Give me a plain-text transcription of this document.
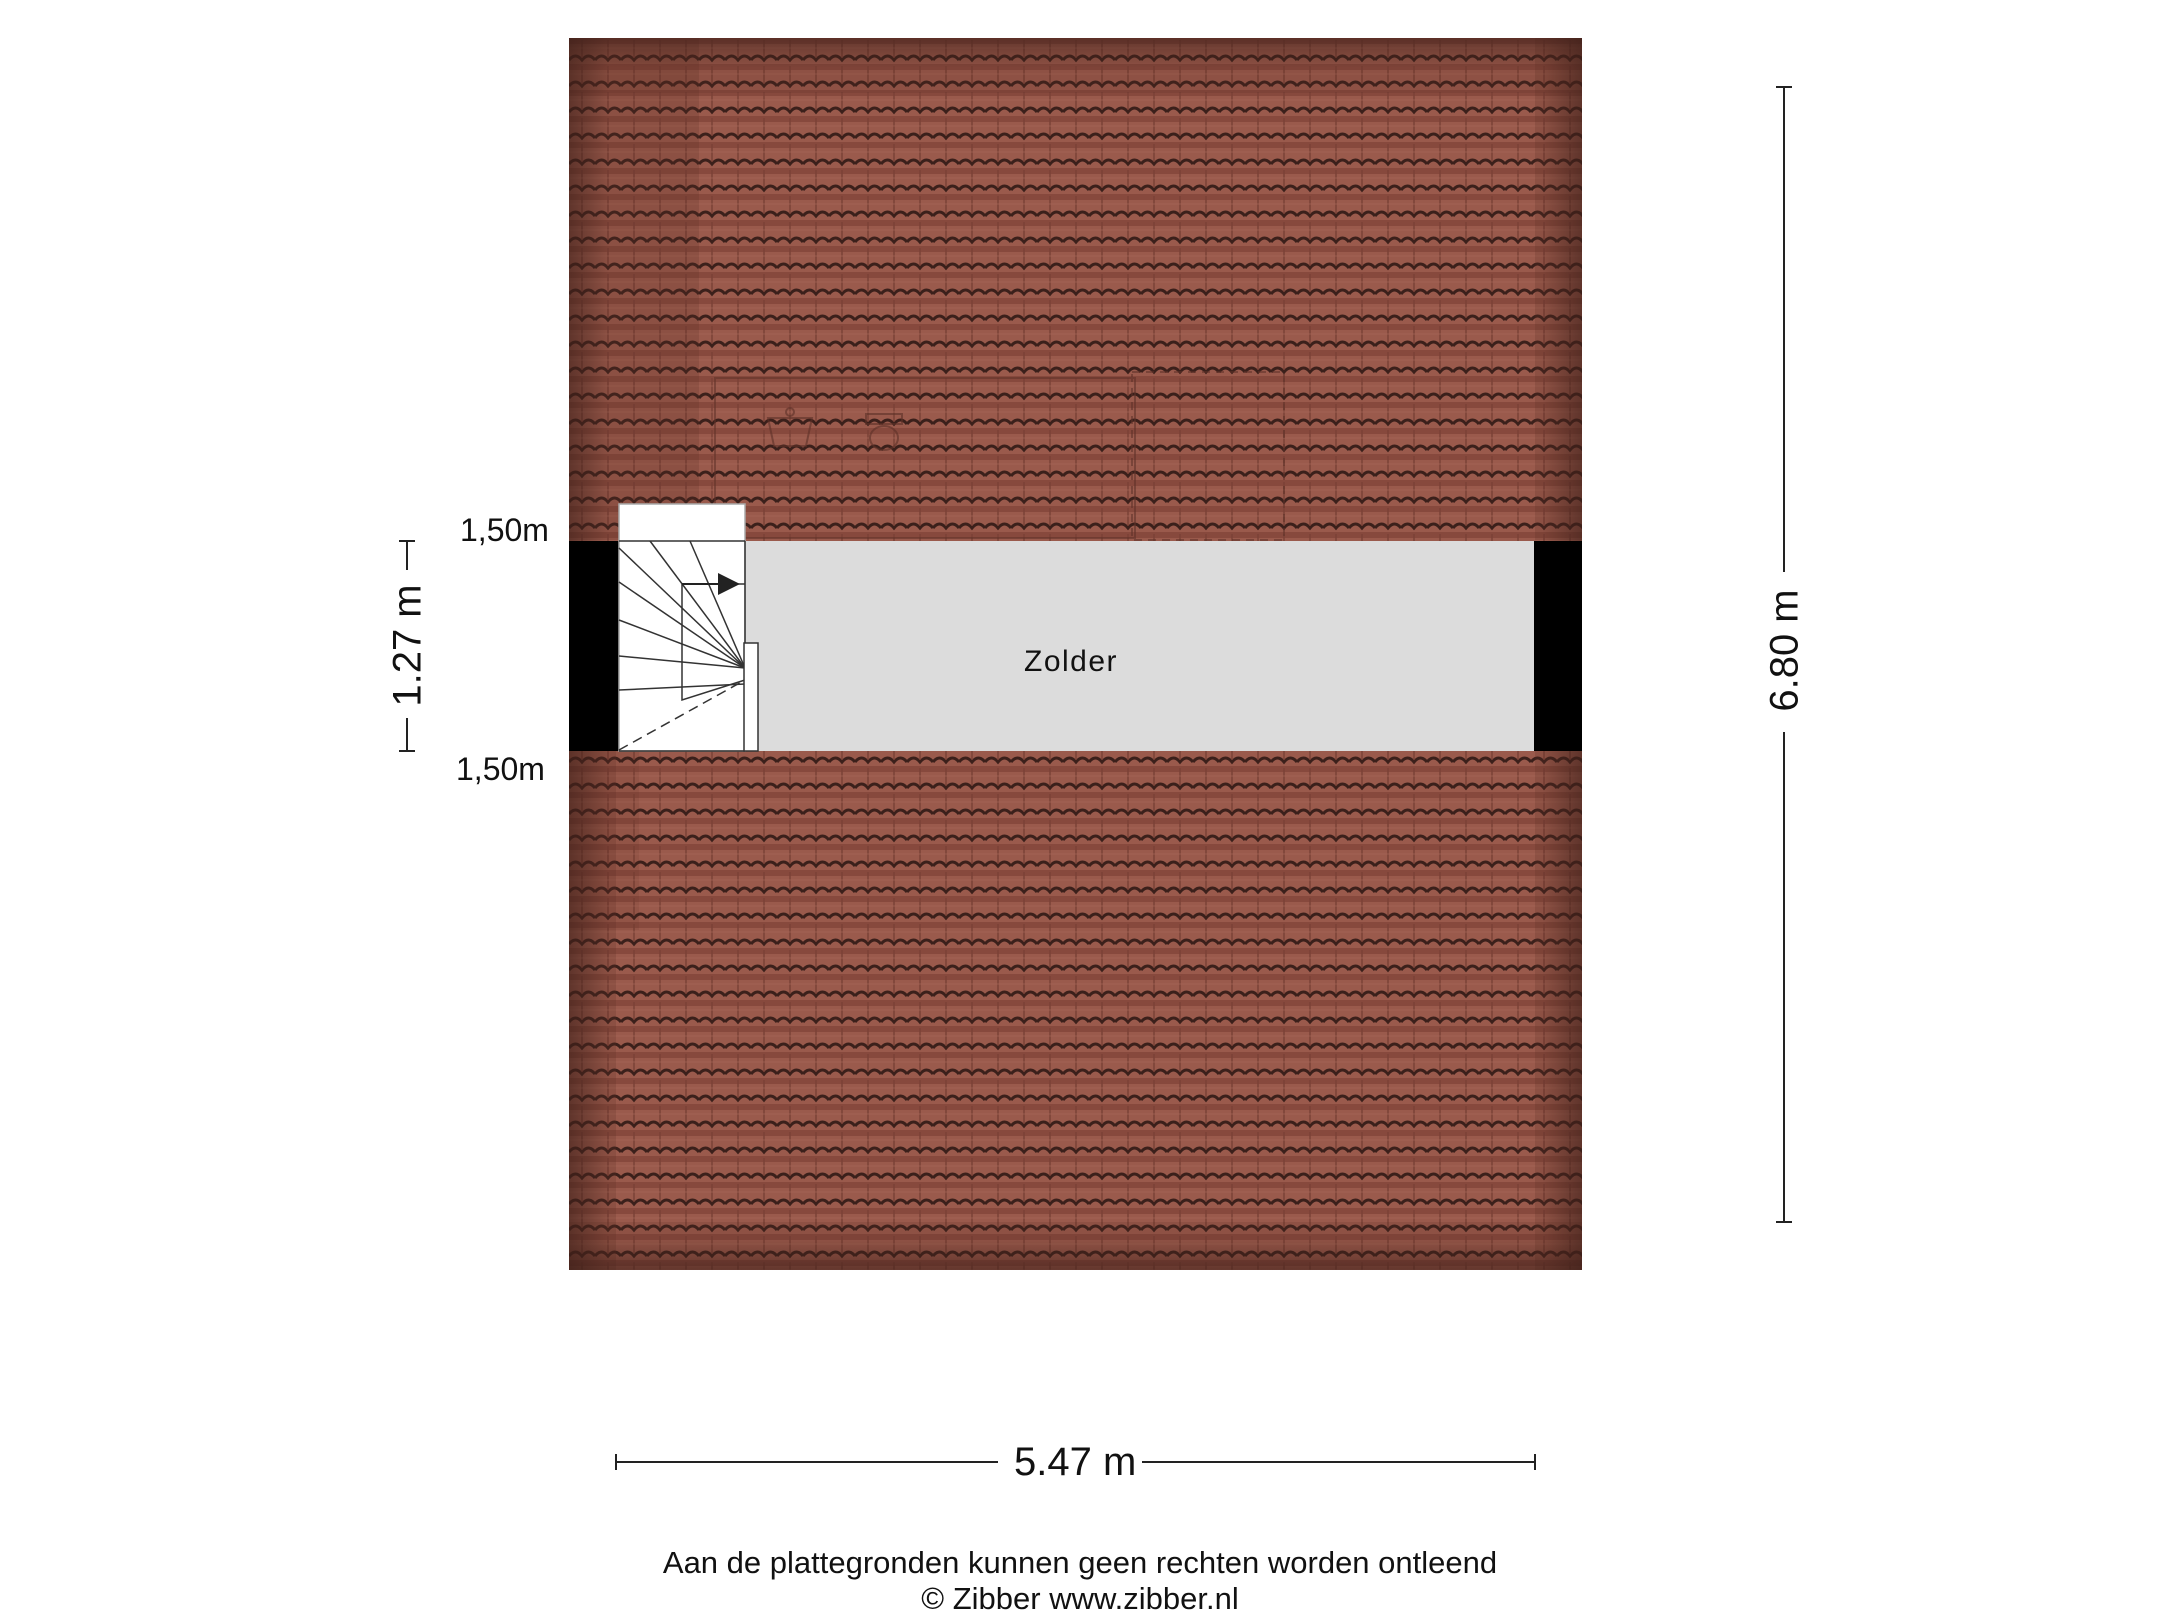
Zolder
1,50m
1,50m
5.47 m
6.80 m
1.27 m
Aan de plattegronden kunnen geen rechten worden ontleend
© Zibber www.zibber.nl
